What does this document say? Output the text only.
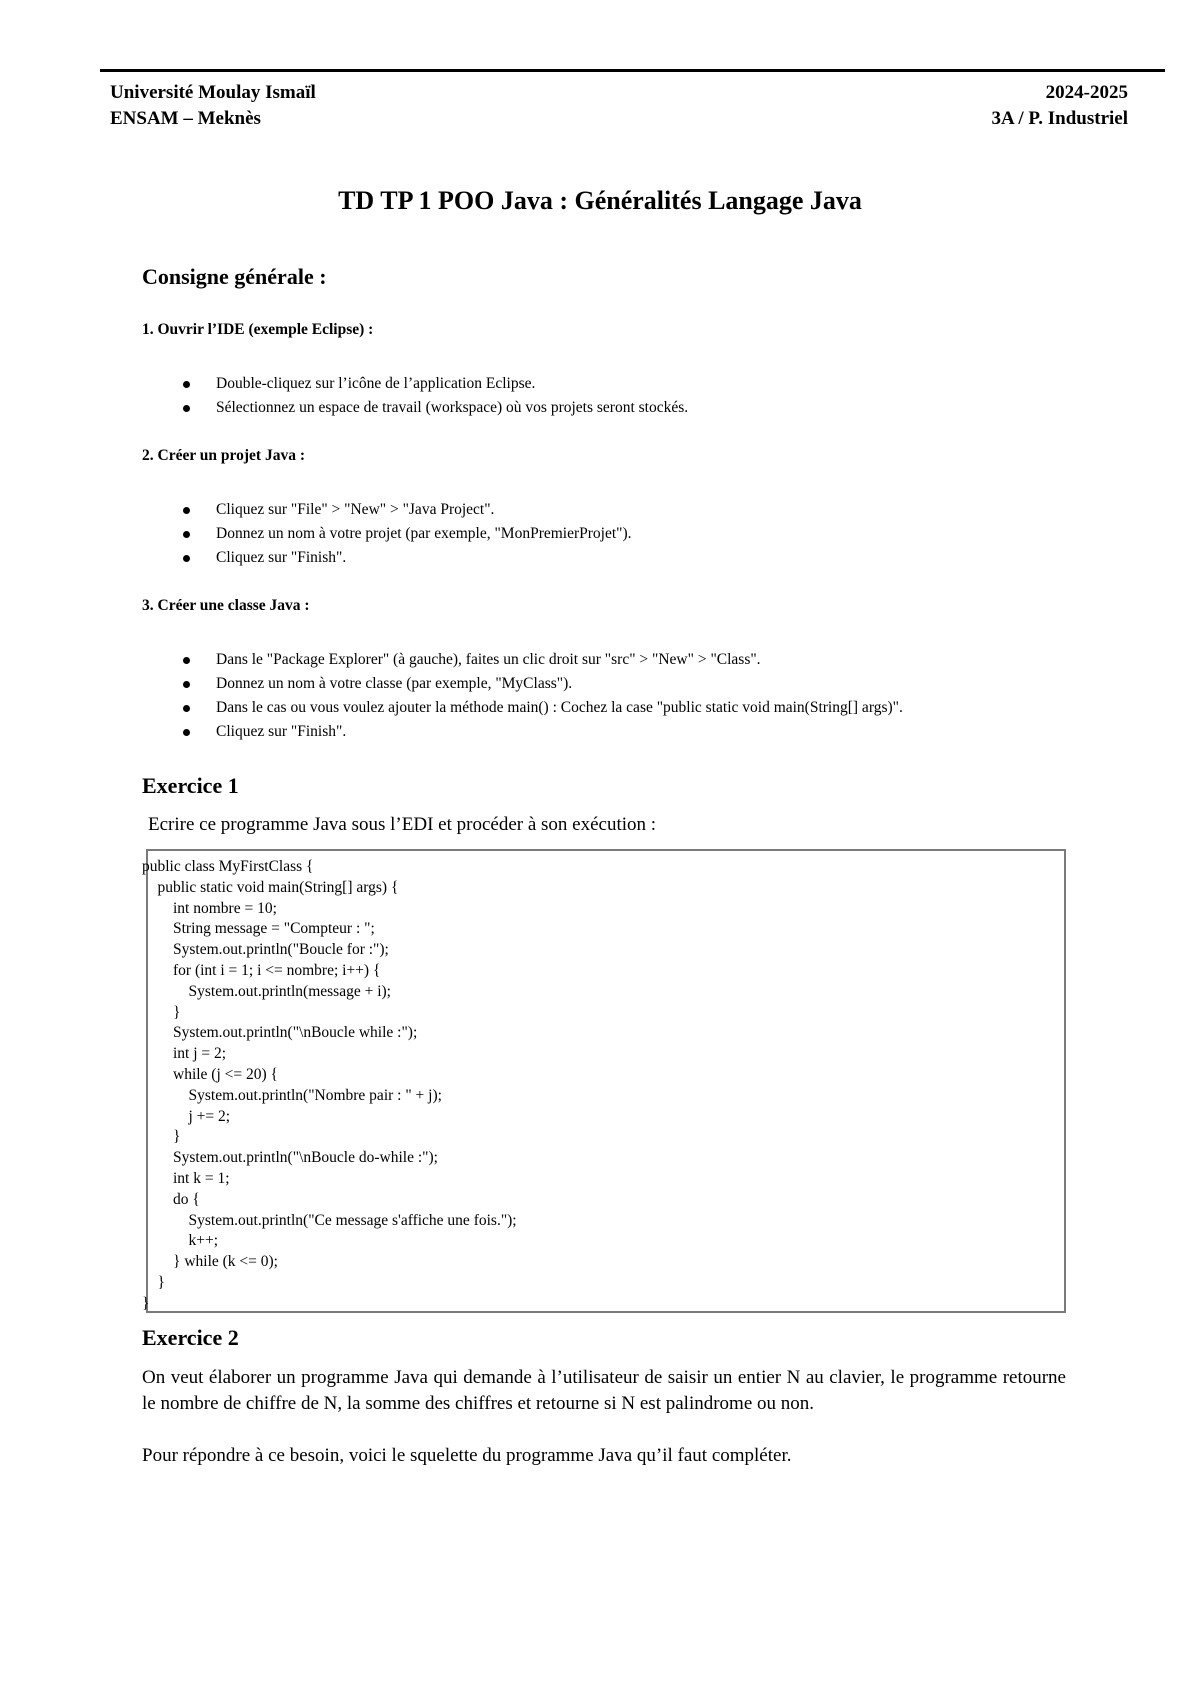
Université Moulay Ismaïl
ENSAM – Meknès
2024-2025
3A / P. Industriel
TD TP 1 POO Java : Généralités Langage Java
Consigne générale :
1. Ouvrir l’IDE (exemple Eclipse) :
Double-cliquez sur l’icône de l’application Eclipse.
Sélectionnez un espace de travail (workspace) où vos projets seront stockés.
2. Créer un projet Java :
Cliquez sur "File" > "New" > "Java Project".
Donnez un nom à votre projet (par exemple, "MonPremierProjet").
Cliquez sur "Finish".
3. Créer une classe Java :
Dans le "Package Explorer" (à gauche), faites un clic droit sur "src" > "New" > "Class".
Donnez un nom à votre classe (par exemple, "MyClass").
Dans le cas ou vous voulez ajouter la méthode main() : Cochez la case "public static void main(String[] args)".
Cliquez sur "Finish".
Exercice 1
Ecrire ce programme Java sous l’EDI et procéder à son exécution :
public class MyFirstClass {
public static void main(String[] args) {
int nombre = 10;
String message = "Compteur : ";
System.out.println("Boucle for :");
for (int i = 1; i <= nombre; i++) {
System.out.println(message + i);
}
System.out.println("\nBoucle while :");
int j = 2;
while (j <= 20) {
System.out.println("Nombre pair : " + j);
j += 2;
}
System.out.println("\nBoucle do-while :");
int k = 1;
do {
System.out.println("Ce message s'affiche une fois.");
k++;
} while (k <= 0);
}
}
Exercice 2
On veut élaborer un programme Java qui demande à l’utilisateur de saisir un entier N au clavier, le programme retourne le nombre de chiffre de N, la somme des chiffres et retourne si N est palindrome ou non.
Pour répondre à ce besoin, voici le squelette du programme Java qu’il faut compléter.
